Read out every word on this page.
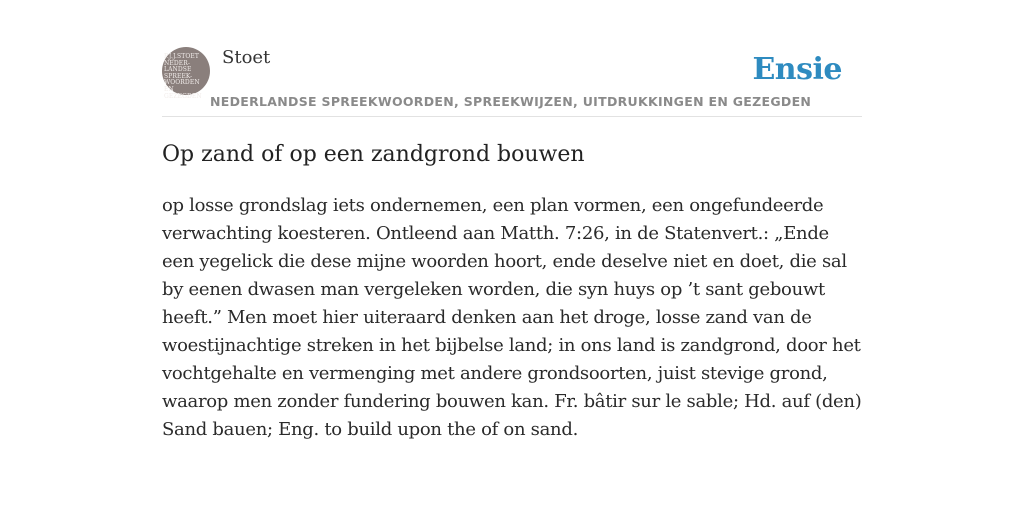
P.J.J.STOET
NEDER-
LANDSE
SPREEK-
WOORDEN EN
GEZEGDEN
Stoet	Ensie
NEDERLANDSE SPREEKWOORDEN, SPREEKWIJZEN, UITDRUKKINGEN EN GEZEGDEN
Op zand of op een zandgrond bouwen

op losse grondslag iets ondernemen, een plan vormen, een ongefundeerde verwachting koesteren. Ontleend aan Matth. 7:26, in de Statenvert.: „Ende een yegelick die dese mijne woorden hoort, ende deselve niet en doet, die sal by eenen dwasen man vergeleken worden, die syn huys op ’t sant gebouwt heeft.” Men moet hier uiteraard denken aan het droge, losse zand van de woestijnachtige streken in het bijbelse land; in ons land is zandgrond, door het vochtgehalte en vermenging met andere grondsoorten, juist stevige grond, waarop men zonder fundering bouwen kan. Fr. bâtir sur le sable; Hd. auf (den) Sand bauen; Eng. to build upon the of on sand.
